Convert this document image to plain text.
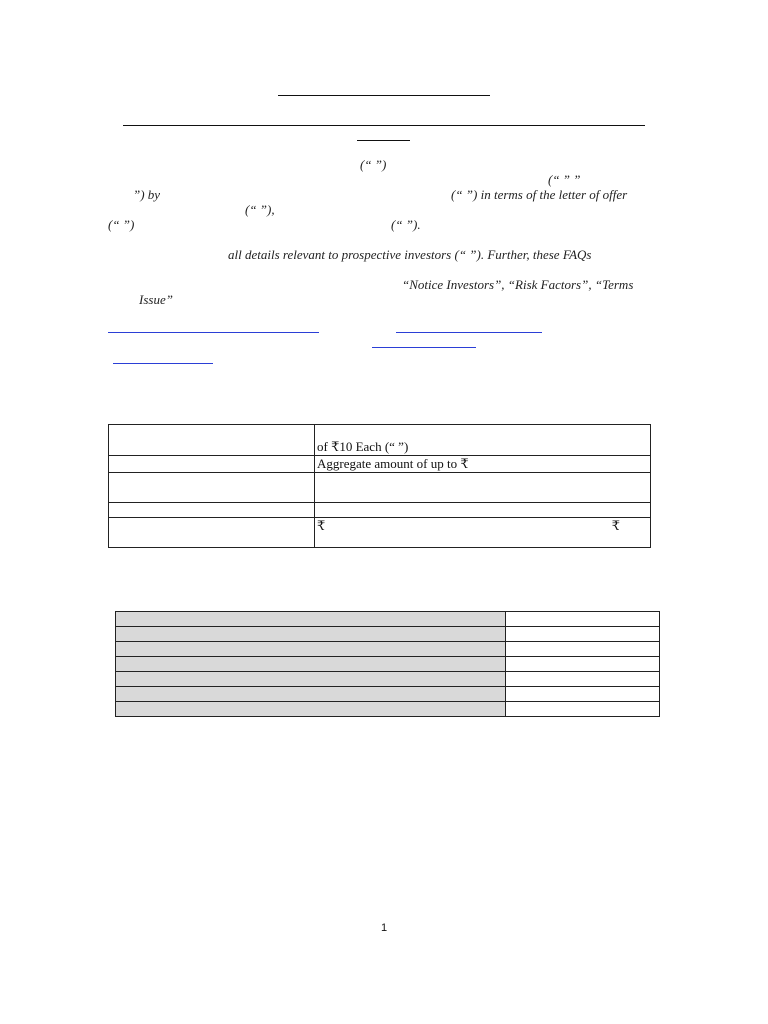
(“ ”)
(“ ” ”
”) by	(“ ”) in terms of the letter of offer
(“ ”),
(“ ”)	(“ ”).
all details relevant to prospective investors (“ ”). Further, these FAQs
“Notice Investors”, “Risk Factors”, “Terms
Issue”
	of ₹10 Each (“ ”)
	Aggregate amount of up to ₹

	₹ ₹

1
